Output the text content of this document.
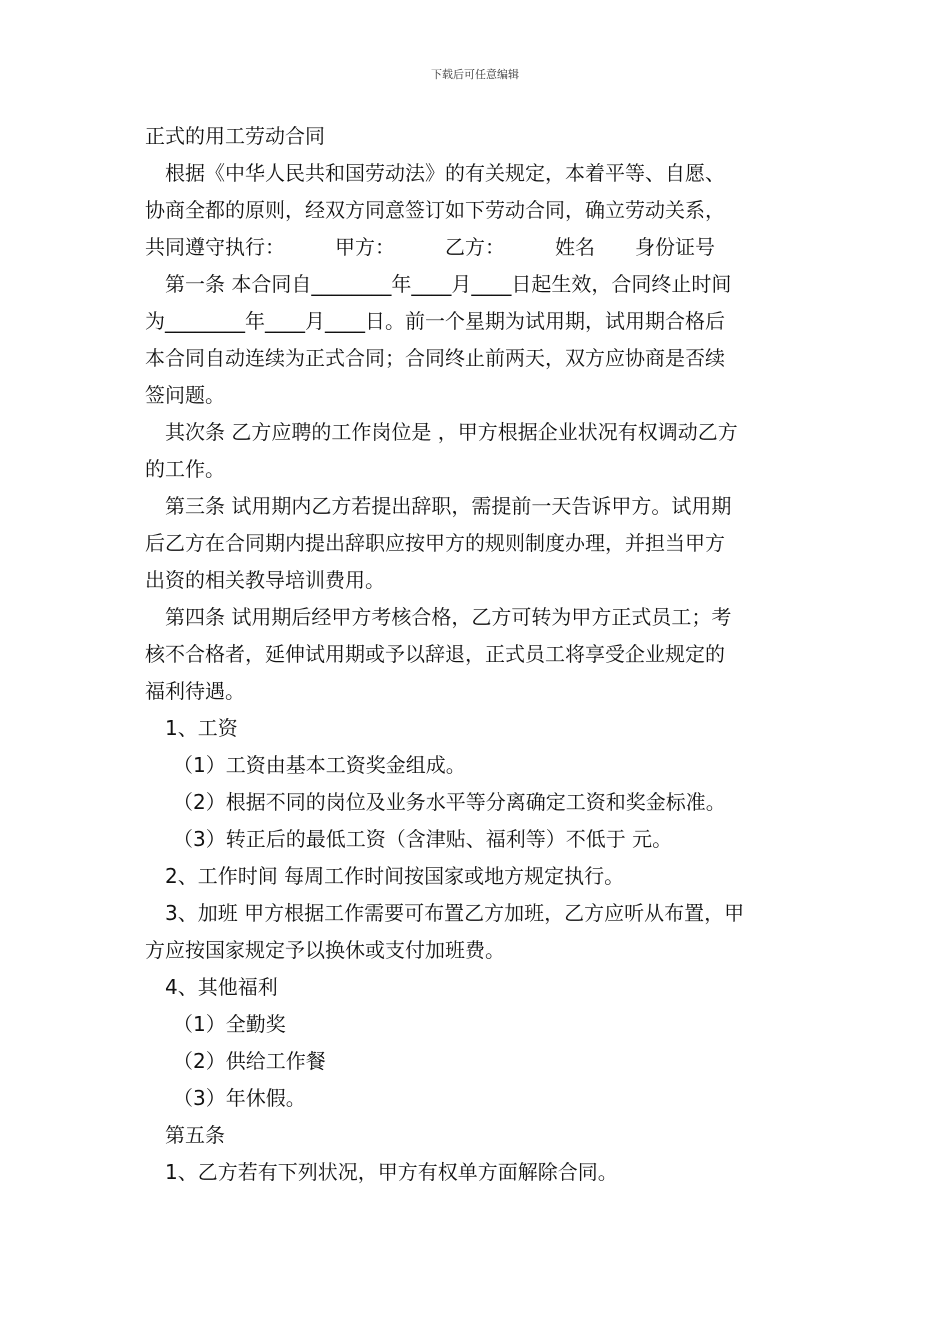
下载后可任意编辑
正式的用工劳动合同
根据《中华人民共和国劳动法》的有关规定，本着平等、自愿、
协商全都的原则，经双方同意签订如下劳动合同，确立劳动关系，
共同遵守执行：　　　甲方：　　　乙方：　　　姓名　　身份证号
第一条 本合同自________年____月____日起生效，合同终止时间
为________年____月____日。前一个星期为试用期，试用期合格后
本合同自动连续为正式合同；合同终止前两天，双方应协商是否续
签问题。
其次条 乙方应聘的工作岗位是 ，甲方根据企业状况有权调动乙方
的工作。
第三条 试用期内乙方若提出辞职，需提前一天告诉甲方。试用期
后乙方在合同期内提出辞职应按甲方的规则制度办理，并担当甲方
出资的相关教导培训费用。
第四条 试用期后经甲方考核合格，乙方可转为甲方正式员工；考
核不合格者，延伸试用期或予以辞退，正式员工将享受企业规定的
福利待遇。
1、工资
（1）工资由基本工资奖金组成。
（2）根据不同的岗位及业务水平等分离确定工资和奖金标准。
（3）转正后的最低工资（含津贴、福利等）不低于 元。
2、工作时间 每周工作时间按国家或地方规定执行。
3、加班 甲方根据工作需要可布置乙方加班，乙方应听从布置，甲
方应按国家规定予以换休或支付加班费。
4、其他福利
（1）全勤奖
（2）供给工作餐
（3）年休假。
第五条
1、乙方若有下列状况，甲方有权单方面解除合同。
